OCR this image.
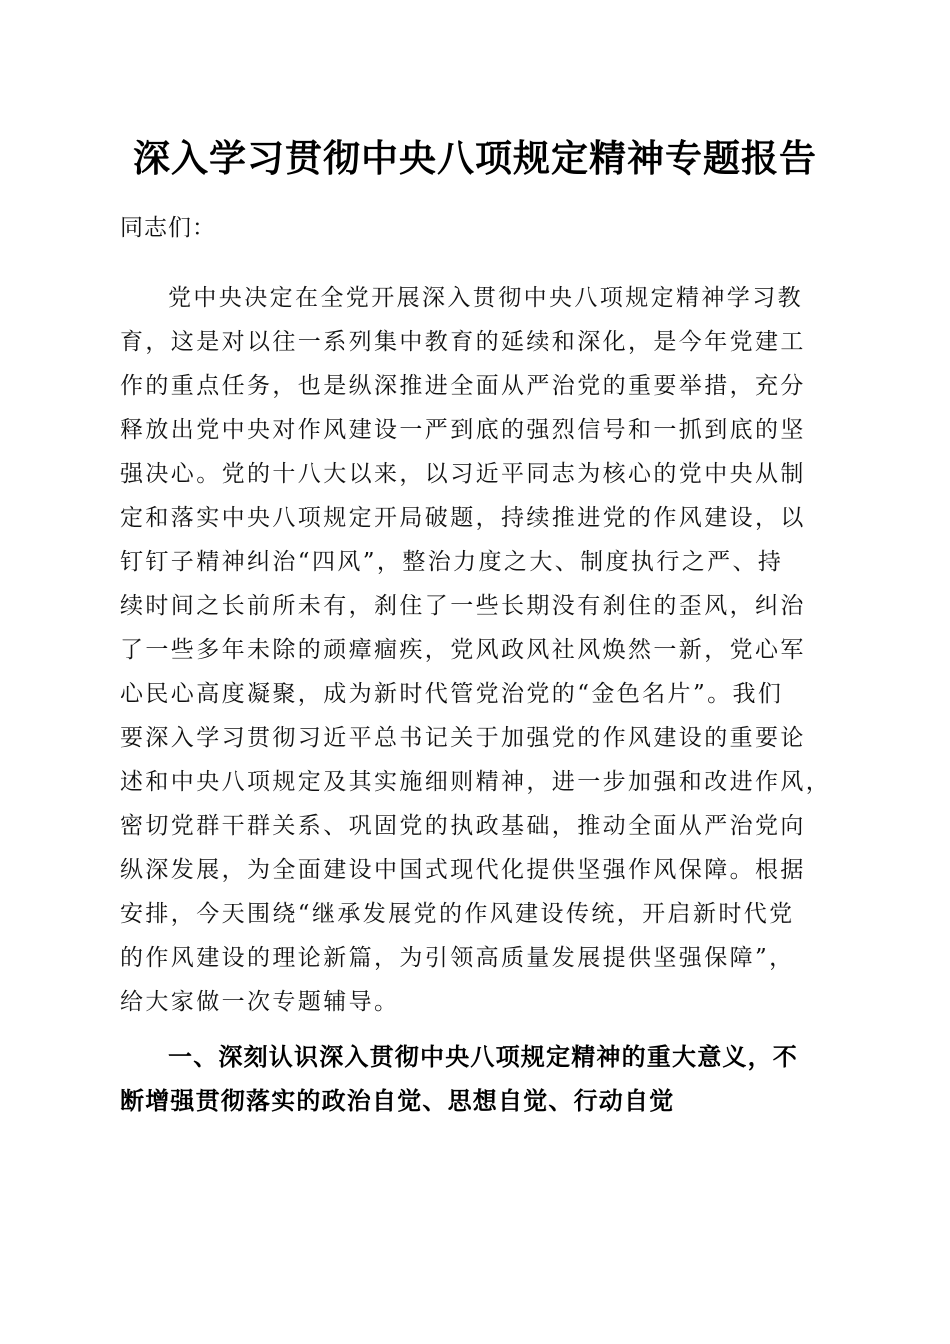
深入学习贯彻中央八项规定精神专题报告
同志们：
党中央决定在全党开展深入贯彻中央八项规定精神学习教
育，这是对以往一系列集中教育的延续和深化，是今年党建工
作的重点任务，也是纵深推进全面从严治党的重要举措，充分
释放出党中央对作风建设一严到底的强烈信号和一抓到底的坚
强决心。党的十八大以来，以习近平同志为核心的党中央从制
定和落实中央八项规定开局破题，持续推进党的作风建设，以
钉钉子精神纠治“四风”，整治力度之大、制度执行之严、持
续时间之长前所未有，刹住了一些长期没有刹住的歪风，纠治
了一些多年未除的顽瘴痼疾，党风政风社风焕然一新，党心军
心民心高度凝聚，成为新时代管党治党的“金色名片”。我们
要深入学习贯彻习近平总书记关于加强党的作风建设的重要论
述和中央八项规定及其实施细则精神，进一步加强和改进作风，
密切党群干群关系、巩固党的执政基础，推动全面从严治党向
纵深发展，为全面建设中国式现代化提供坚强作风保障。根据
安排，今天围绕“继承发展党的作风建设传统，开启新时代党
的作风建设的理论新篇，为引领高质量发展提供坚强保障”，
给大家做一次专题辅导。
一、深刻认识深入贯彻中央八项规定精神的重大意义，不
断增强贯彻落实的政治自觉、思想自觉、行动自觉
